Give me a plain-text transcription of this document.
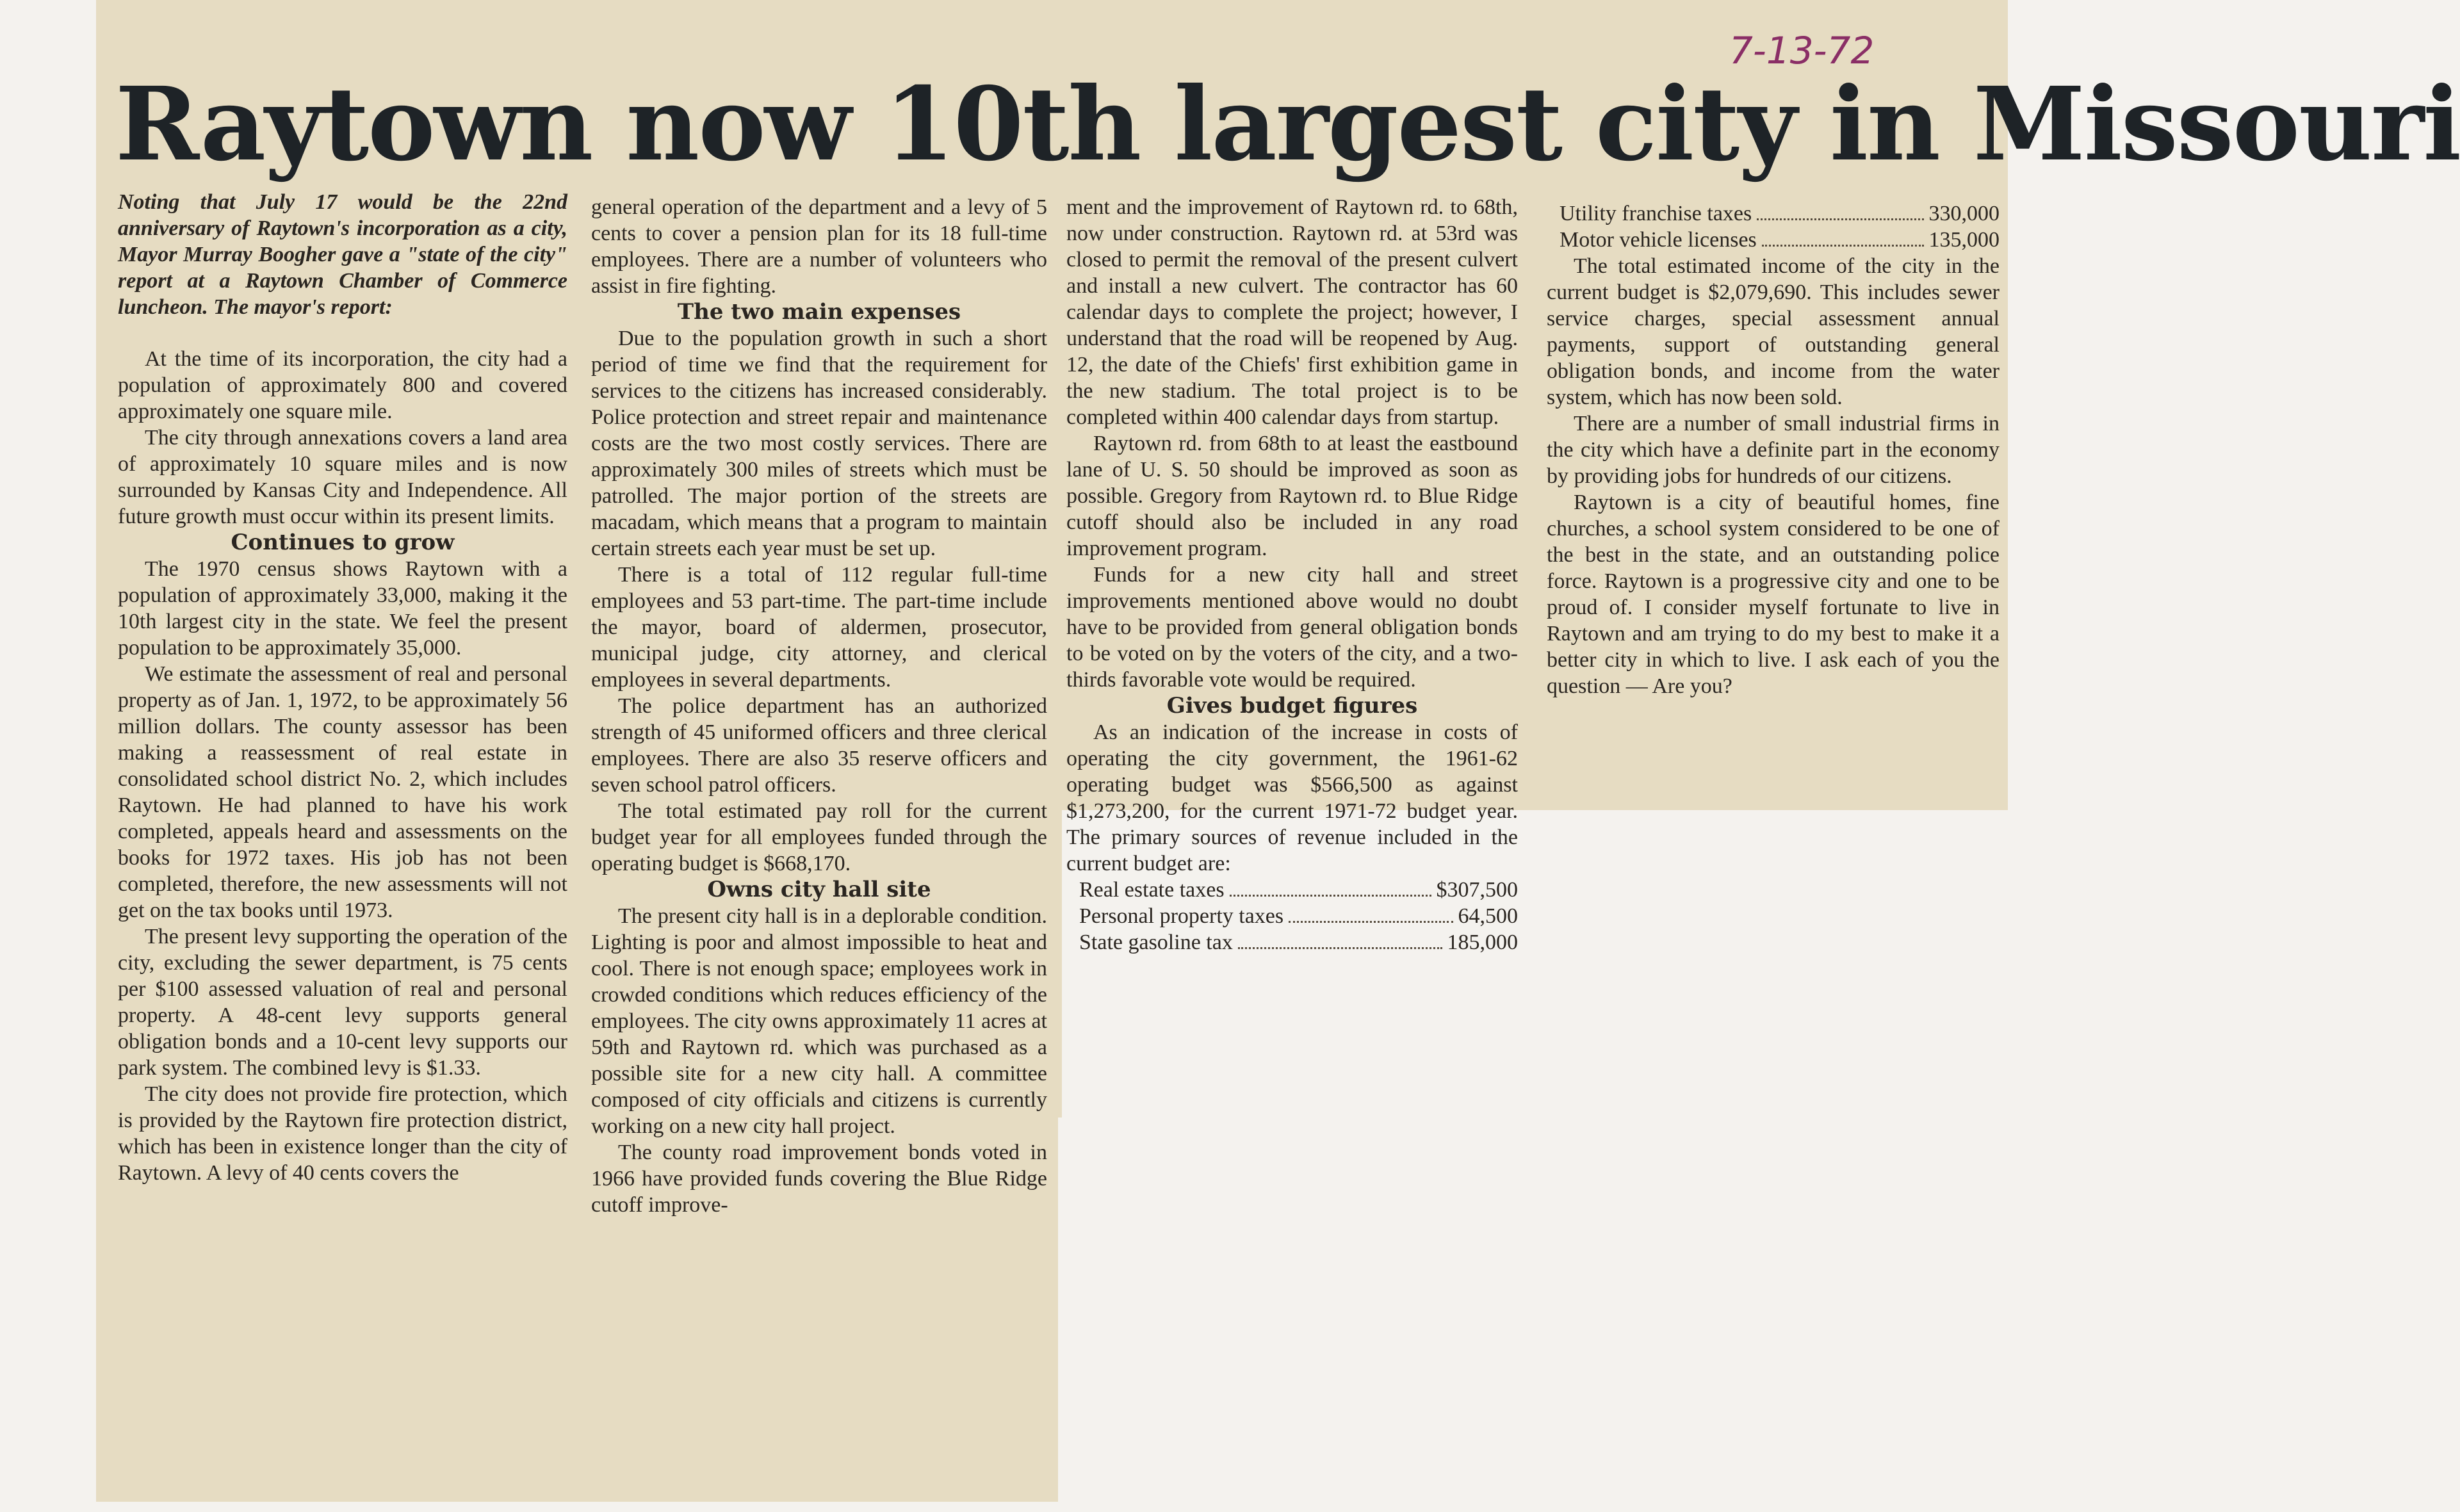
7-13-72

Raytown now 10th largest city in Missouri

Noting that July 17 would be the 22nd anniversary of Raytown's incorporation as a city, Mayor Murray Boogher gave a "state of the city" report at a Raytown Chamber of Commerce luncheon. The mayor's report:

At the time of its incorporation, the city had a population of approximately 800 and covered approximately one square mile.

The city through annexations covers a land area of approximately 10 square miles and is now surrounded by Kansas City and Independence. All future growth must occur within its present limits.

Continues to grow

The 1970 census shows Raytown with a population of approximately 33,000, making it the 10th largest city in the state. We feel the present population to be approximately 35,000.

We estimate the assessment of real and personal property as of Jan. 1, 1972, to be approximately 56 million dollars. The county assessor has been making a reassessment of real estate in consolidated school district No. 2, which includes Raytown. He had planned to have his work completed, appeals heard and assessments on the books for 1972 taxes. His job has not been completed, therefore, the new assessments will not get on the tax books until 1973.

The present levy supporting the operation of the city, excluding the sewer department, is 75 cents per $100 assessed valuation of real and personal property. A 48-cent levy supports general obligation bonds and a 10-cent levy supports our park system. The combined levy is $1.33.

The city does not provide fire protection, which is provided by the Raytown fire protection district, which has been in existence longer than the city of Raytown. A levy of 40 cents covers the

general operation of the department and a levy of 5 cents to cover a pension plan for its 18 full-time employees. There are a number of volunteers who assist in fire fighting.

The two main expenses

Due to the population growth in such a short period of time we find that the requirement for services to the citizens has increased considerably. Police protection and street repair and maintenance costs are the two most costly services. There are approximately 300 miles of streets which must be patrolled. The major portion of the streets are macadam, which means that a program to maintain certain streets each year must be set up.

There is a total of 112 regular full-time employees and 53 part-time. The part-time include the mayor, board of aldermen, prosecutor, municipal judge, city attorney, and clerical employees in several departments.

The police department has an authorized strength of 45 uniformed officers and three clerical employees. There are also 35 reserve officers and seven school patrol officers.

The total estimated pay roll for the current budget year for all employees funded through the operating budget is $668,170.

Owns city hall site

The present city hall is in a deplorable condition. Lighting is poor and almost impossible to heat and cool. There is not enough space; employees work in crowded conditions which reduces efficiency of the employees. The city owns approximately 11 acres at 59th and Raytown rd. which was purchased as a possible site for a new city hall. A committee composed of city officials and citizens is currently working on a new city hall project.

The county road improvement bonds voted in 1966 have provided funds covering the Blue Ridge cutoff improve-

ment and the improvement of Raytown rd. to 68th, now under construction. Raytown rd. at 53rd was closed to permit the removal of the present culvert and install a new culvert. The contractor has 60 calendar days to complete the project; however, I understand that the road will be reopened by Aug. 12, the date of the Chiefs' first exhibition game in the new stadium. The total project is to be completed within 400 calendar days from startup.

Raytown rd. from 68th to at least the eastbound lane of U. S. 50 should be improved as soon as possible. Gregory from Raytown rd. to Blue Ridge cutoff should also be included in any road improvement program.

Funds for a new city hall and street improvements mentioned above would no doubt have to be provided from general obligation bonds to be voted on by the voters of the city, and a two-thirds favorable vote would be required.

Gives budget figures

As an indication of the increase in costs of operating the city government, the 1961-62 operating budget was $566,500 as against $1,273,200, for the current 1971-72 budget year. The primary sources of revenue included in the current budget are:

Real estate taxes	$307,500
Personal property taxes	64,500
State gasoline tax	185,000
Utility franchise taxes	330,000
Motor vehicle licenses	135,000

The total estimated income of the city in the current budget is $2,079,690. This includes sewer service charges, special assessment annual payments, support of outstanding general obligation bonds, and income from the water system, which has now been sold.

There are a number of small industrial firms in the city which have a definite part in the economy by providing jobs for hundreds of our citizens.

Raytown is a city of beautiful homes, fine churches, a school system considered to be one of the best in the state, and an outstanding police force. Raytown is a progressive city and one to be proud of. I consider myself fortunate to live in Raytown and am trying to do my best to make it a better city in which to live. I ask each of you the question — Are you?
